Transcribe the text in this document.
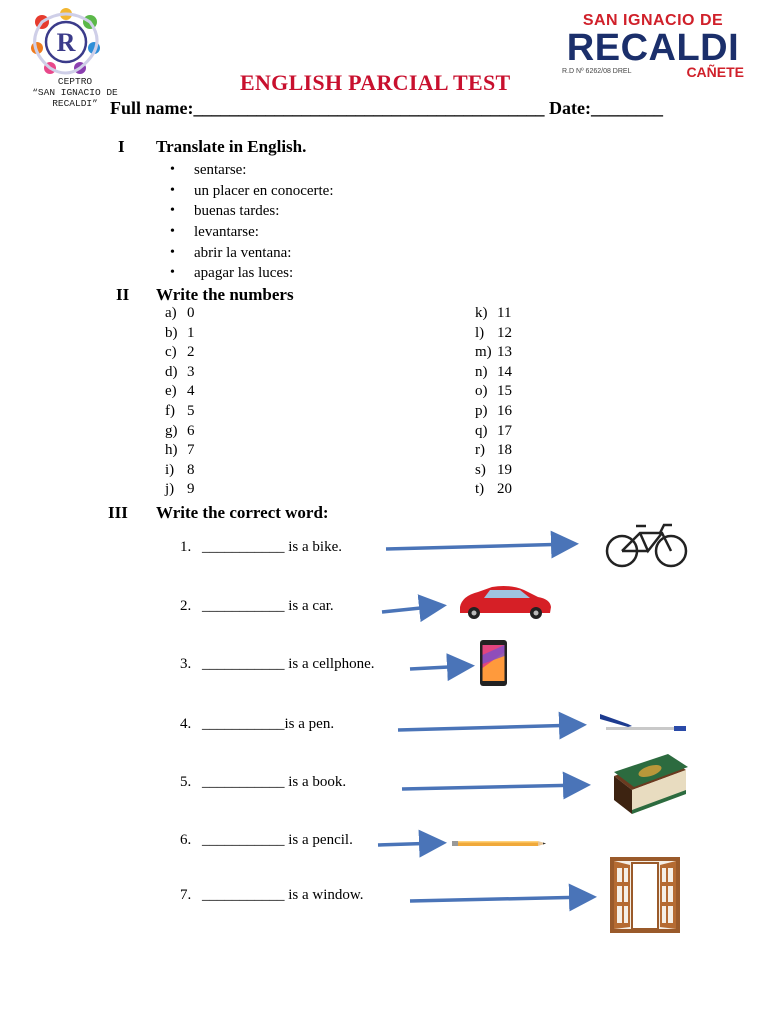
R
CEPTRO
“SAN IGNACIO DE
RECALDI”
SAN IGNACIO DE
RECALDI
R.D Nº 6262/08 DREL	CAÑETE
ENGLISH PARCIAL TEST
Full name:_______________________________________ Date:________
I Translate in English.
• sentarse:
• un placer en conocerte:
• buenas tardes:
• levantarse:
• abrir la ventana:
• apagar las luces:
II Write the numbers
a) 0
b) 1
c) 2
d) 3
e) 4
f) 5
g) 6
h) 7
i) 8
j) 9
k) 11
l) 12
m) 13
n) 14
o) 15
p) 16
q) 17
r) 18
s) 19
t) 20
III Write the correct word:
1. ___________ is a bike.
2. ___________ is a car.
3. ___________ is a cellphone.
4. ___________is a pen.
5. ___________ is a book.
6. ___________ is a pencil.
7. ___________ is a window.
